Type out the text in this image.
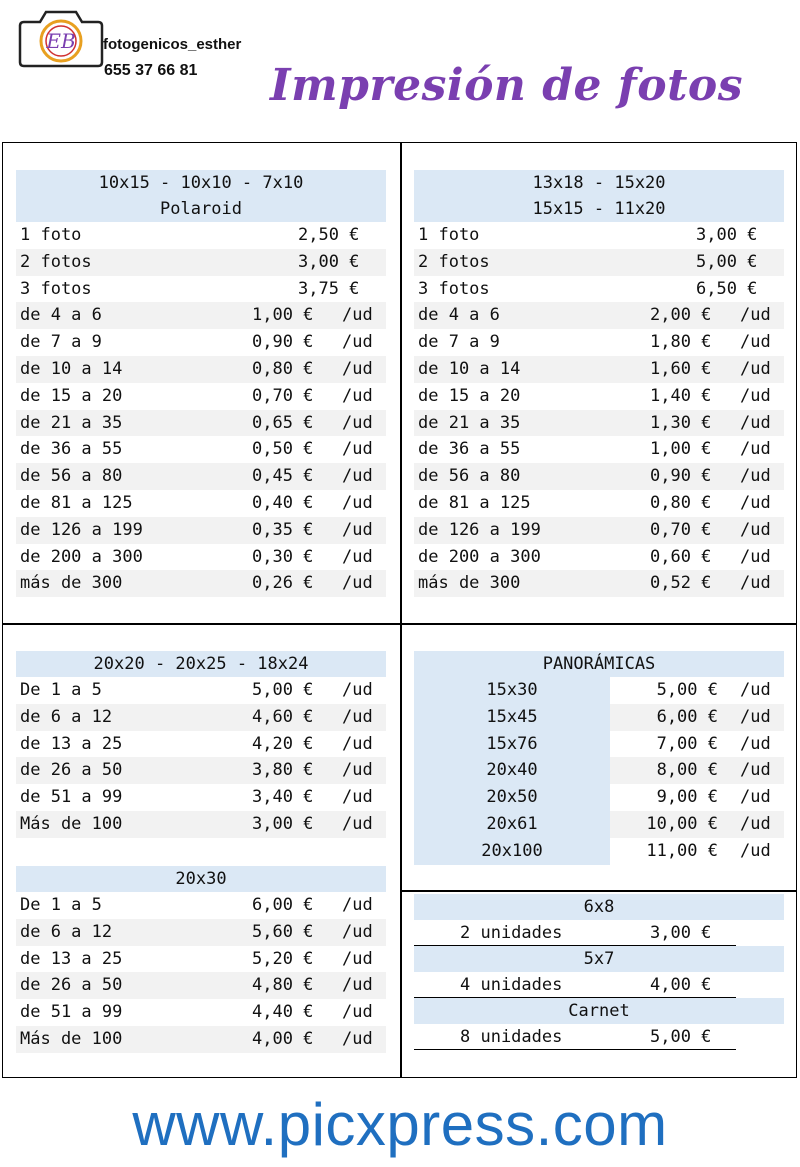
EB fotogenicos_esther
655 37 66 81 Impresión de fotos
10x15 - 10x10 - 7x10
Polaroid
1 foto	2,50 €
2 fotos	3,00 €
3 fotos	3,75 €
de 4 a 6	1,00 € /ud
de 7 a 9	0,90 € /ud
de 10 a 14	0,80 € /ud
de 15 a 20	0,70 € /ud
de 21 a 35	0,65 € /ud
de 36 a 55	0,50 € /ud
de 56 a 80	0,45 € /ud
de 81 a 125	0,40 € /ud
de 126 a 199	0,35 € /ud
de 200 a 300	0,30 € /ud
más de 300	0,26 € /ud
13x18 - 15x20
15x15 - 11x20
1 foto	3,00 €
2 fotos	5,00 €
3 fotos	6,50 €
de 4 a 6	2,00 € /ud
de 7 a 9	1,80 € /ud
de 10 a 14	1,60 € /ud
de 15 a 20	1,40 € /ud
de 21 a 35	1,30 € /ud
de 36 a 55	1,00 € /ud
de 56 a 80	0,90 € /ud
de 81 a 125	0,80 € /ud
de 126 a 199	0,70 € /ud
de 200 a 300	0,60 € /ud
más de 300	0,52 € /ud
20x20 - 20x25 - 18x24
De 1 a 5	5,00 € /ud
de 6 a 12	4,60 € /ud
de 13 a 25	4,20 € /ud
de 26 a 50	3,80 € /ud
de 51 a 99	3,40 € /ud
Más de 100	3,00 € /ud
20x30
De 1 a 5	6,00 € /ud
de 6 a 12	5,60 € /ud
de 13 a 25	5,20 € /ud
de 26 a 50	4,80 € /ud
de 51 a 99	4,40 € /ud
Más de 100	4,00 € /ud
PANORÁMICAS
15x30	5,00 € /ud
15x45	6,00 € /ud
15x76	7,00 € /ud
20x40	8,00 € /ud
20x50	9,00 € /ud
20x61	10,00 € /ud
20x100	11,00 € /ud
6x8
2 unidades	3,00 €
5x7
4 unidades	4,00 €
Carnet
8 unidades	5,00 €
www.picxpress.com
